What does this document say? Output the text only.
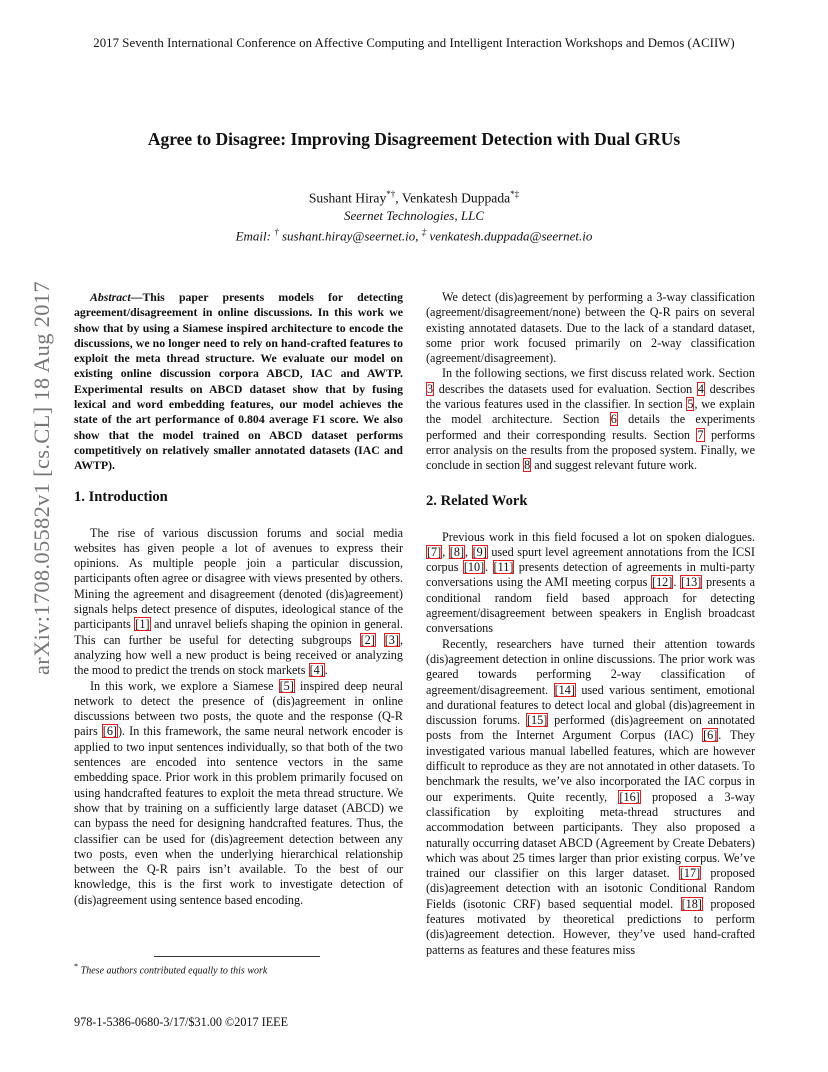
2017 Seventh International Conference on Affective Computing and Intelligent Interaction Workshops and Demos (ACIIW)
arXiv:1708.05582v1 [cs.CL] 18 Aug 2017
Agree to Disagree: Improving Disagreement Detection with Dual GRUs
Sushant Hiray*†, Venkatesh Duppada*‡
Seernet Technologies, LLC
Email: † sushant.hiray@seernet.io, ‡ venkatesh.duppada@seernet.io

Abstract—This paper presents models for detecting agreement/disagreement in online discussions. In this work we show that by using a Siamese inspired architecture to encode the discussions, we no longer need to rely on hand-crafted features to exploit the meta thread structure. We evaluate our model on existing online discussion corpora ABCD, IAC and AWTP. Experimental results on ABCD dataset show that by fusing lexical and word embedding features, our model achieves the state of the art performance of 0.804 average F1 score. We also show that the model trained on ABCD dataset performs competitively on relatively smaller annotated datasets (IAC and AWTP).

1. Introduction

The rise of various discussion forums and social media websites has given people a lot of avenues to express their opinions. As multiple people join a particular discussion, participants often agree or disagree with views presented by others. Mining the agreement and disagreement (denoted (dis)agreement) signals helps detect presence of disputes, ideological stance of the participants [1] and unravel beliefs shaping the opinion in general. This can further be useful for detecting subgroups [2] [3], analyzing how well a new product is being received or analyzing the mood to predict the trends on stock markets [4].

In this work, we explore a Siamese [5] inspired deep neural network to detect the presence of (dis)agreement in online discussions between two posts, the quote and the response (Q-R pairs [6]). In this framework, the same neural network encoder is applied to two input sentences individually, so that both of the two sentences are encoded into sentence vectors in the same embedding space. Prior work in this problem primarily focused on using handcrafted features to exploit the meta thread structure. We show that by training on a sufficiently large dataset (ABCD) we can bypass the need for designing handcrafted features. Thus, the classifier can be used for (dis)agreement detection between any two posts, even when the underlying hierarchical relationship between the Q-R pairs isn’t available. To the best of our knowledge, this is the first work to investigate detection of (dis)agreement using sentence based encoding.

We detect (dis)agreement by performing a 3-way classification (agreement/disagreement/none) between the Q-R pairs on several existing annotated datasets. Due to the lack of a standard dataset, some prior work focused primarily on 2-way classification (agreement/disagreement).

In the following sections, we first discuss related work. Section 3 describes the datasets used for evaluation. Section 4 describes the various features used in the classifier. In section 5, we explain the model architecture. Section 6 details the experiments performed and their corresponding results. Section 7 performs error analysis on the results from the proposed system. Finally, we conclude in section 8 and suggest relevant future work.

2. Related Work

Previous work in this field focused a lot on spoken dialogues. [7], [8], [9] used spurt level agreement annotations from the ICSI corpus [10]. [11] presents detection of agreements in multi-party conversations using the AMI meeting corpus [12]. [13] presents a conditional random field based approach for detecting agreement/disagreement between speakers in English broadcast conversations

Recently, researchers have turned their attention towards (dis)agreement detection in online discussions. The prior work was geared towards performing 2-way classification of agreement/disagreement. [14] used various sentiment, emotional and durational features to detect local and global (dis)agreement in discussion forums. [15] performed (dis)agreement on annotated posts from the Internet Argument Corpus (IAC) [6]. They investigated various manual labelled features, which are however difficult to reproduce as they are not annotated in other datasets. To benchmark the results, we’ve also incorporated the IAC corpus in our experiments. Quite recently, [16] proposed a 3-way classification by exploiting meta-thread structures and accommodation between participants. They also proposed a naturally occurring dataset ABCD (Agreement by Create Debaters) which was about 25 times larger than prior existing corpus. We’ve trained our classifier on this larger dataset. [17] proposed (dis)agreement detection with an isotonic Conditional Random Fields (isotonic CRF) based sequential model. [18] proposed features motivated by theoretical predictions to perform (dis)agreement detection. However, they’ve used hand-crafted patterns as features and these features miss

* These authors contributed equally to this work
978-1-5386-0680-3/17/$31.00 ©2017 IEEE
